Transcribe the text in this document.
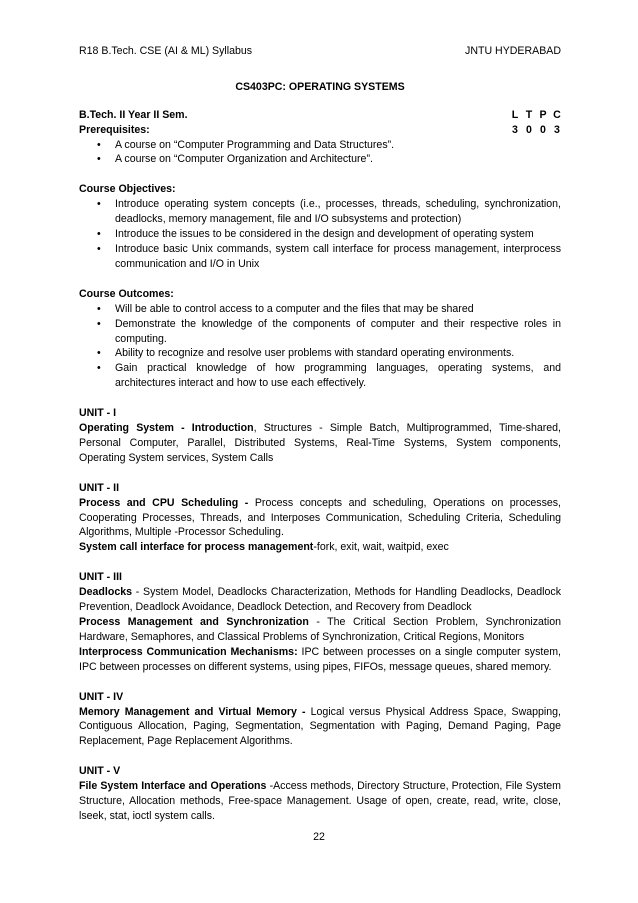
R18 B.Tech. CSE (AI & ML) Syllabus	JNTU HYDERABAD
CS403PC: OPERATING SYSTEMS
B.Tech. II Year II Sem.	L T P C
3 0 0 3
Prerequisites:
• A course on “Computer Programming and Data Structures”.
• A course on “Computer Organization and Architecture”.
Course Objectives:
• Introduce operating system concepts (i.e., processes, threads, scheduling, synchronization, deadlocks, memory management, file and I/O subsystems and protection)
• Introduce the issues to be considered in the design and development of operating system
• Introduce basic Unix commands, system call interface for process management, interprocess communication and I/O in Unix
Course Outcomes:
• Will be able to control access to a computer and the files that may be shared
• Demonstrate the knowledge of the components of computer and their respective roles in computing.
• Ability to recognize and resolve user problems with standard operating environments.
• Gain practical knowledge of how programming languages, operating systems, and architectures interact and how to use each effectively.
UNIT - I
Operating System - Introduction, Structures - Simple Batch, Multiprogrammed, Time-shared, Personal Computer, Parallel, Distributed Systems, Real-Time Systems, System components, Operating System services, System Calls
UNIT - II
Process and CPU Scheduling - Process concepts and scheduling, Operations on processes, Cooperating Processes, Threads, and Interposes Communication, Scheduling Criteria, Scheduling Algorithms, Multiple -Processor Scheduling.
System call interface for process management-fork, exit, wait, waitpid, exec
UNIT - III
Deadlocks - System Model, Deadlocks Characterization, Methods for Handling Deadlocks, Deadlock Prevention, Deadlock Avoidance, Deadlock Detection, and Recovery from Deadlock
Process Management and Synchronization - The Critical Section Problem, Synchronization Hardware, Semaphores, and Classical Problems of Synchronization, Critical Regions, Monitors
Interprocess Communication Mechanisms: IPC between processes on a single computer system, IPC between processes on different systems, using pipes, FIFOs, message queues, shared memory.
UNIT - IV
Memory Management and Virtual Memory - Logical versus Physical Address Space, Swapping, Contiguous Allocation, Paging, Segmentation, Segmentation with Paging, Demand Paging, Page Replacement, Page Replacement Algorithms.
UNIT - V
File System Interface and Operations -Access methods, Directory Structure, Protection, File System Structure, Allocation methods, Free-space Management. Usage of open, create, read, write, close, lseek, stat, ioctl system calls.
22
